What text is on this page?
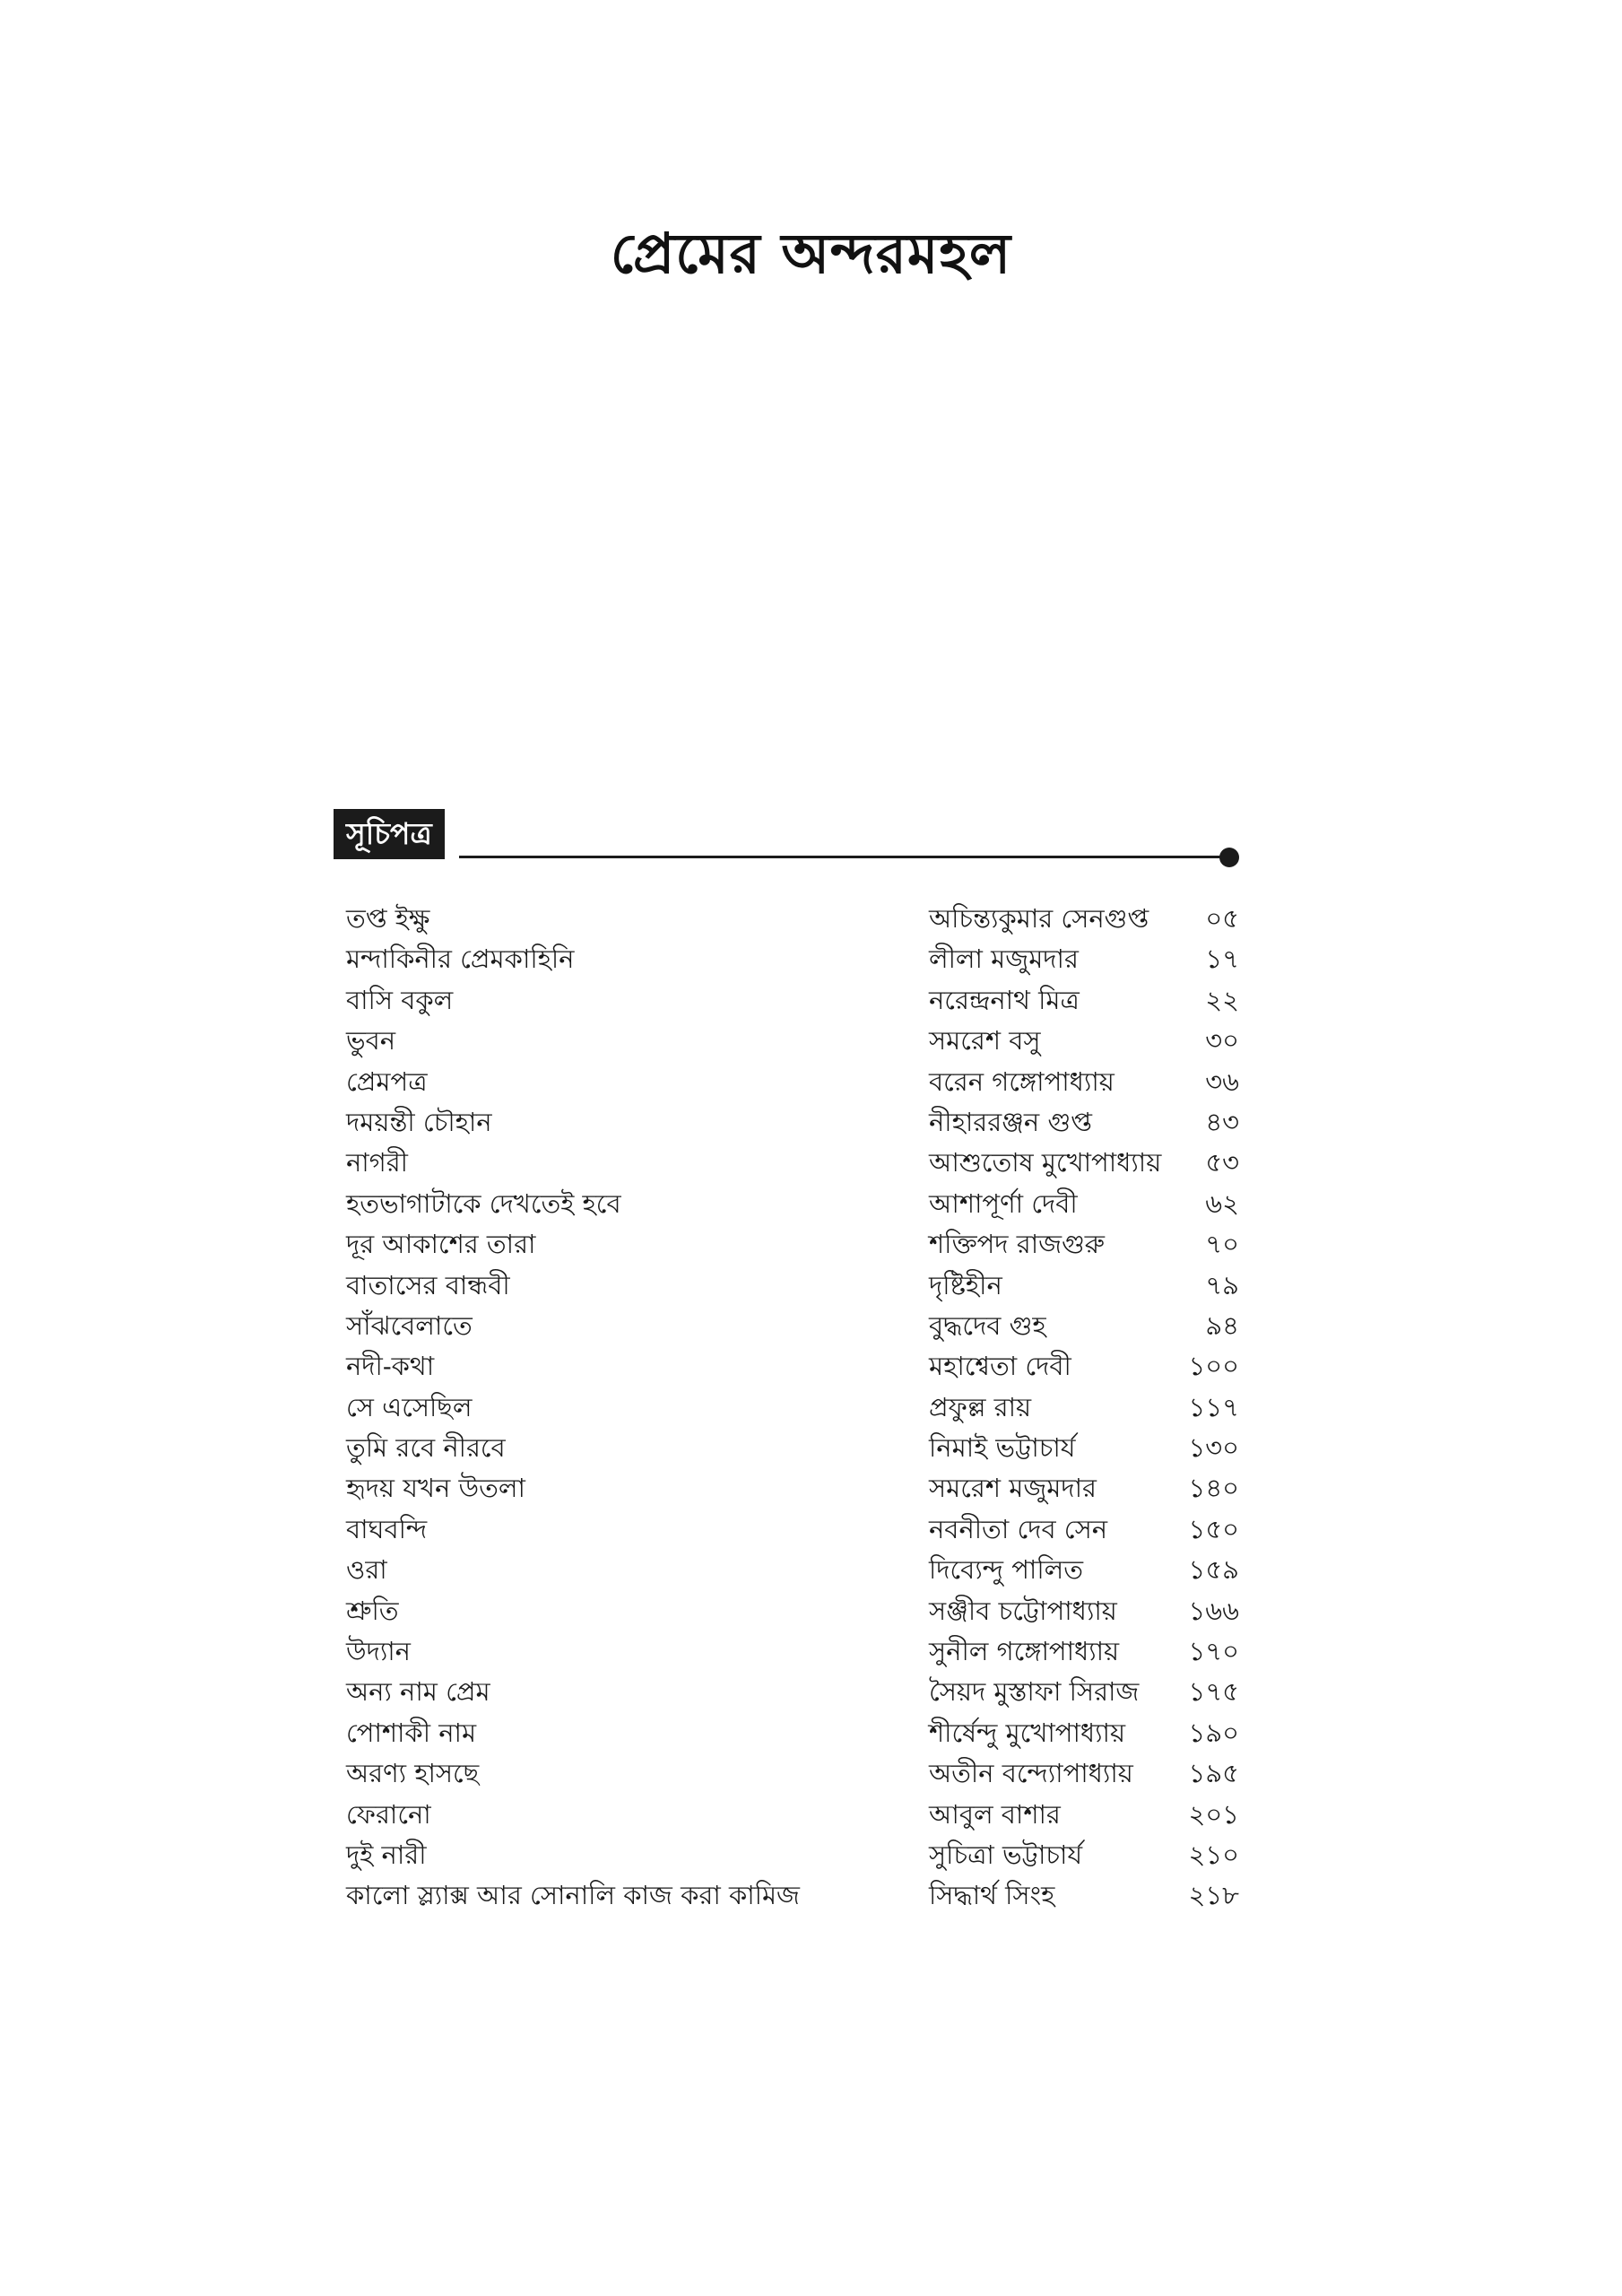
প্রেমের অন্দরমহল
সূচিপত্র
তপ্ত ইক্ষু	অচিন্ত্যকুমার সেনগুপ্ত ০৫
মন্দাকিনীর প্রেমকাহিনি	লীলা মজুমদার	১৭
বাসি বকুল	নরেন্দ্রনাথ মিত্র	২২
ভুবন	সমরেশ বসু	৩০
প্রেমপত্র	বরেন গঙ্গোপাধ্যায়	৩৬
দময়ন্তী চৌহান	নীহাররঞ্জন গুপ্ত	৪৩
নাগরী	আশুতোষ মুখোপাধ্যায় ৫৩
হতভাগাটাকে দেখতেই হবে	আশাপূর্ণা দেবী	৬২
দূর আকাশের তারা	শক্তিপদ রাজগুরু	৭০
বাতাসের বান্ধবী	দৃষ্টিহীন	৭৯
সাঁঝবেলাতে	বুদ্ধদেব গুহ	৯৪
নদী-কথা	মহাশ্বেতা দেবী	১০০
সে এসেছিল	প্রফুল্ল রায়	১১৭
তুমি রবে নীরবে	নিমাই ভট্টাচার্য	১৩০
হৃদয় যখন উতলা	সমরেশ মজুমদার	১৪০
বাঘবন্দি	নবনীতা দেব সেন	১৫০
ওরা	দিব্যেন্দু পালিত	১৫৯
শ্রুতি	সঞ্জীব চট্টোপাধ্যায়	১৬৬
উদ্যান	সুনীল গঙ্গোপাধ্যায়	১৭০
অন্য নাম প্রেম	সৈয়দ মুস্তাফা সিরাজ ১৭৫
পোশাকী নাম	শীর্ষেন্দু মুখোপাধ্যায় ১৯০
অরণ্য হাসছে	অতীন বন্দ্যোপাধ্যায় ১৯৫
ফেরানো	আবুল বাশার	২০১
দুই নারী	সুচিত্রা ভট্টাচার্য	২১০
কালো স্ল্যাক্স আর সোনালি কাজ করা কামিজ	সিদ্ধার্থ সিংহ	২১৮
